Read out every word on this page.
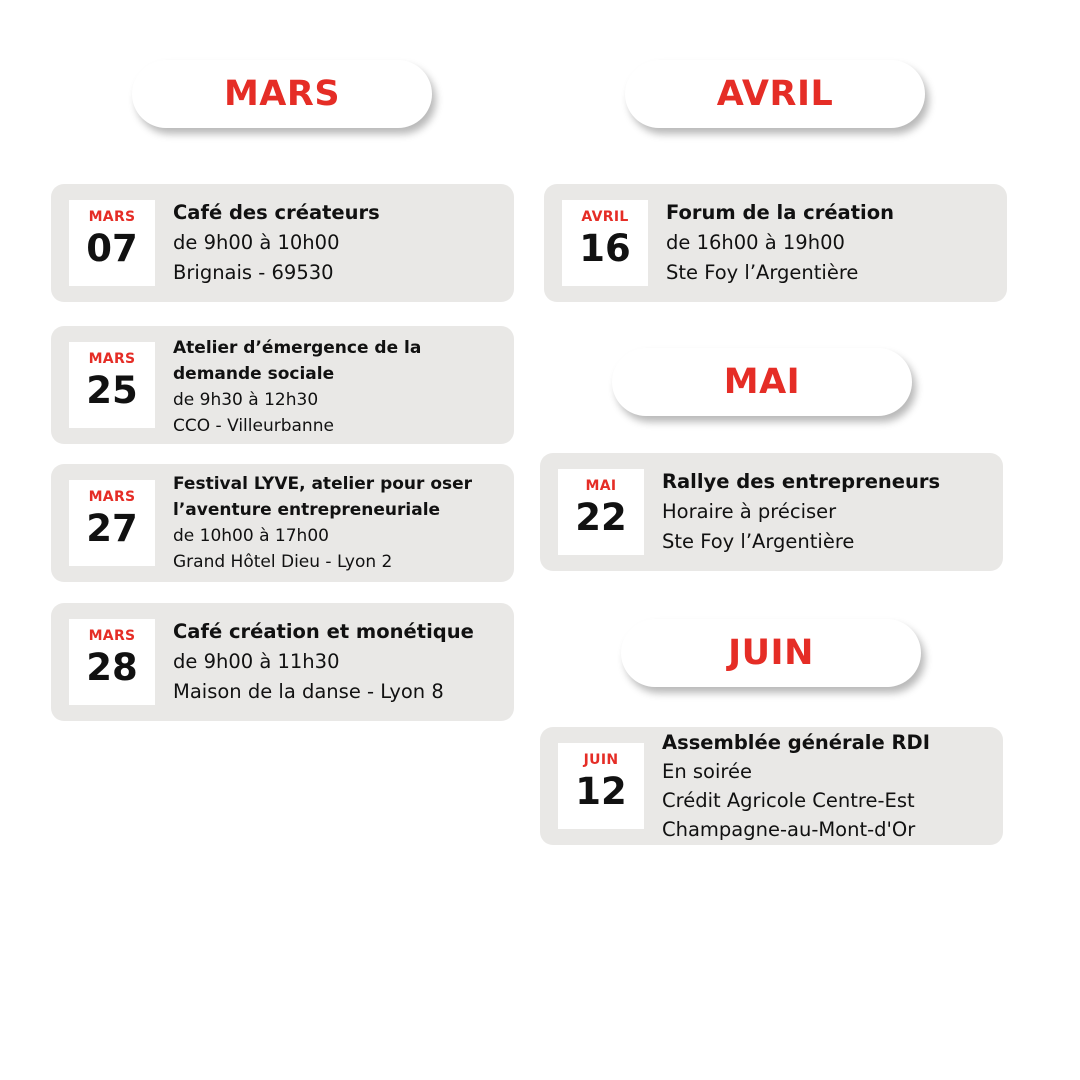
MARS	AVRIL
MAI
JUIN
MARS
07
Café des créateurs
de 9h00 à 10h00
Brignais - 69530
MARS
25
Atelier d’émergence de la demande sociale
de 9h30 à 12h30
CCO - Villeurbanne
MARS
27
Festival LYVE, atelier pour oser l’aventure entrepreneuriale
de 10h00 à 17h00
Grand Hôtel Dieu - Lyon 2
MARS
28
Café création et monétique
de 9h00 à 11h30
Maison de la danse - Lyon 8
AVRIL
16
Forum de la création
de 16h00 à 19h00
Ste Foy l’Argentière
MAI
22
Rallye des entrepreneurs
Horaire à préciser
Ste Foy l’Argentière
JUIN
12
Assemblée générale RDI
En soirée
Crédit Agricole Centre-Est
Champagne-au-Mont-d'Or
